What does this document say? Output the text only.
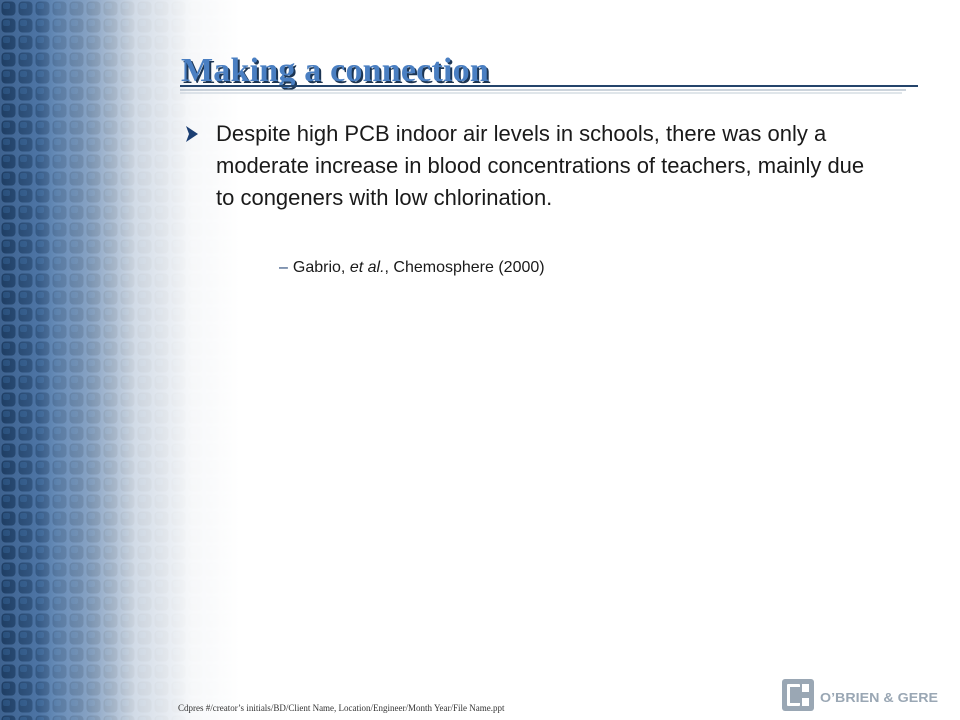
Making a connection

Despite high PCB indoor air levels in schools, there was only a moderate increase in blood concentrations of teachers, mainly due to congeners with low chlorination.

– Gabrio, et al., Chemosphere (2000)
Cdpres #/creator’s initials/BD/Client Name, Location/Engineer/Month Year/File Name.ppt
O’BRIEN & GERE
